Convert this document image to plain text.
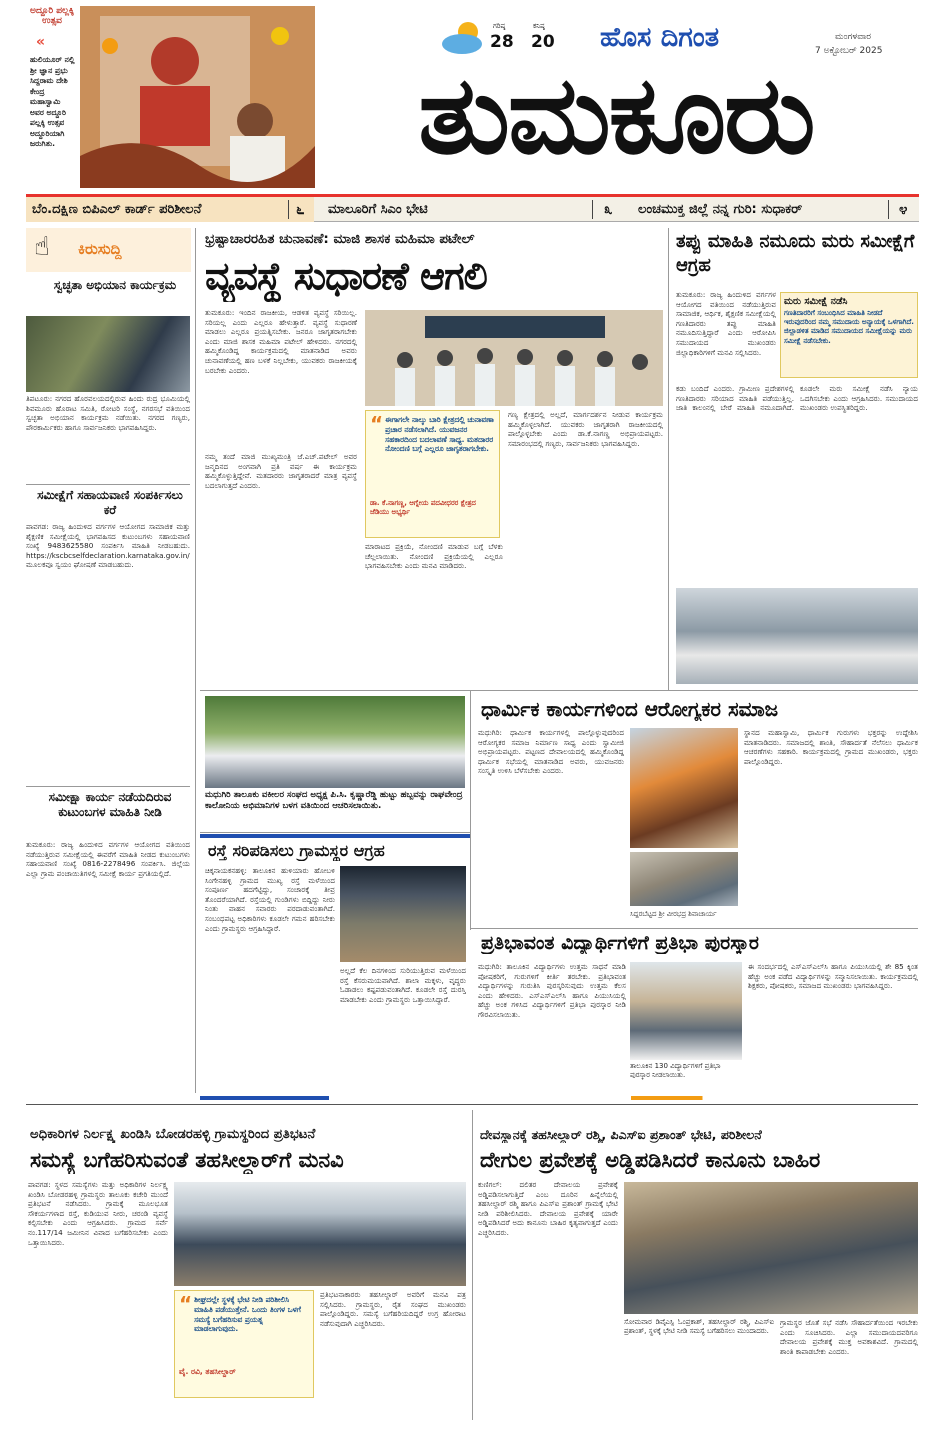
ಅದ್ದೂರಿ ಪಲ್ಲಕ್ಕಿ ಉತ್ಸವ
«
ಹುಲಿಯೂರ್ ನಲ್ಲಿ ಶ್ರೀ ಜ್ಞಾನ ಪ್ರಭು ಸಿದ್ದರಾಮ ದೇಶಿ ಕೇಂದ್ರ ಮಹಾಸ್ವಾಮಿ ಅವರ ಅದ್ದೂರಿ ಪಲ್ಲಕ್ಕಿ ಉತ್ಸವ ಅದ್ದೂರಿಯಾಗಿ ಜರುಗಿತು.
ಗರಿಷ್ಠ
28
ಕನಿಷ್ಠ
20 ಹೊಸ ದಿಗಂತ	ಮಂಗಳವಾರ
7 ಅಕ್ಟೋಬರ್ 2025
ತುಮಕೂರು
ಬೆಂ.ದಕ್ಷಿಣ ಬಿಪಿಎಲ್ ಕಾರ್ಡ್ ಪರಿಶೀಲನೆ	೬ ಮಾಲೂರಿಗೆ ಸಿಎಂ ಭೇಟಿ	೩ ಲಂಚಮುಕ್ತ ಜಿಲ್ಲೆ ನನ್ನ ಗುರಿ: ಸುಧಾಕರ್	೪
☝ ಕಿರುಸುದ್ದಿ
ಸ್ವಚ್ಛತಾ ಅಭಿಯಾನ ಕಾರ್ಯಕ್ರಮ
ತಿಪಟೂರು: ನಗರದ ಹೊರವಲಯದಲ್ಲಿರುವ ಹಿಂದು ರುದ್ರ ಭೂಮಿಯಲ್ಲಿ ಶಿವಮೂರು ಹೊರಾಟ ಸಮಿತಿ, ರೋಟರಿ ಸಂಸ್ಥೆ, ನಗರಸಭೆ ವತಿಯಿಂದ ಸ್ವಚ್ಛತಾ ಅಭಿಯಾನ ಕಾರ್ಯಕ್ರಮ ನಡೆಯಿತು. ನಗರದ ಗಣ್ಯರು, ಪೌರಕಾರ್ಮಿಕರು ಹಾಗೂ ಸಾರ್ವಜನಿಕರು ಭಾಗವಹಿಸಿದ್ದರು.
ಸಮೀಕ್ಷೆಗೆ ಸಹಾಯವಾಣಿ ಸಂಪರ್ಕಿಸಲು ಕರೆ
ಪಾವಗಡ: ರಾಜ್ಯ ಹಿಂದುಳಿದ ವರ್ಗಗಳ ಆಯೋಗದ ಸಾಮಾಜಿಕ ಮತ್ತು ಶೈಕ್ಷಣಿಕ ಸಮೀಕ್ಷೆಯಲ್ಲಿ ಭಾಗವಹಿಸದ ಕುಟುಂಬಗಳು ಸಹಾಯವಾಣಿ ಸಂಖ್ಯೆ 9483625580 ಸಂಪರ್ಕಿಸಿ ಮಾಹಿತಿ ನೀಡಬಹುದು. https://kscbcselfdeclaration.karnataka.gov.in/ ಮೂಲಕವೂ ಸ್ವಯಂ ಘೋಷಣೆ ಮಾಡಬಹುದು.
ಸಮೀಕ್ಷಾ ಕಾರ್ಯ ನಡೆಯದಿರುವ ಕುಟುಂಬಗಳ ಮಾಹಿತಿ ನೀಡಿ
ತುಮಕೂರು: ರಾಜ್ಯ ಹಿಂದುಳಿದ ವರ್ಗಗಳ ಆಯೋಗದ ವತಿಯಿಂದ ನಡೆಯುತ್ತಿರುವ ಸಮೀಕ್ಷೆಯಲ್ಲಿ ಈವರೆಗೆ ಮಾಹಿತಿ ನೀಡದ ಕುಟುಂಬಗಳು ಸಹಾಯವಾಣಿ ಸಂಖ್ಯೆ 0816-2278496 ಸಂಪರ್ಕಿಸಿ. ಜಿಲ್ಲೆಯ ಎಲ್ಲಾ ಗ್ರಾಮ ಪಂಚಾಯಿತಿಗಳಲ್ಲಿ ಸಮೀಕ್ಷೆ ಕಾರ್ಯ ಪ್ರಗತಿಯಲ್ಲಿದೆ.
ಭ್ರಷ್ಟಾಚಾರರಹಿತ ಚುನಾವಣೆ: ಮಾಜಿ ಶಾಸಕ ಮಹಿಮಾ ಪಟೇಲ್
ವ್ಯವಸ್ಥೆ ಸುಧಾರಣೆ ಆಗಲಿ
ತುಮಕೂರು: ಇಂದಿನ ರಾಜಕೀಯ, ಆಡಳಿತ ವ್ಯವಸ್ಥೆ ಸರಿಯಿಲ್ಲ. ಸರಿಯಲ್ಲ ಎಂದು ಎಲ್ಲರೂ ಹೇಳುತ್ತಾರೆ. ವ್ಯವಸ್ಥೆ ಸುಧಾರಣೆ ಮಾಡಲು ಎಲ್ಲರೂ ಪ್ರಯತ್ನಿಸಬೇಕು. ಜನರೂ ಜಾಗೃತರಾಗಬೇಕು ಎಂದು ಮಾಜಿ ಶಾಸಕ ಮಹಿಮಾ ಪಟೇಲ್ ಹೇಳಿದರು. ನಗರದಲ್ಲಿ ಹಮ್ಮಿಕೊಂಡಿದ್ದ ಕಾರ್ಯಕ್ರಮದಲ್ಲಿ ಮಾತನಾಡಿದ ಅವರು ಚುನಾವಣೆಯಲ್ಲಿ ಹಣ ಬಳಕೆ ನಿಲ್ಲಬೇಕು, ಯುವಕರು ರಾಜಕೀಯಕ್ಕೆ ಬರಬೇಕು ಎಂದರು.
“ ಈಗಾಗಲೇ ನಾಲ್ಕು ಬಾರಿ ಕ್ಷೇತ್ರದಲ್ಲಿ ಚುನಾವಣಾ ಪ್ರಚಾರ ನಡೆಸಲಾಗಿದೆ. ಯುವಜನರ ಸಹಕಾರದಿಂದ ಬದಲಾವಣೆ ಸಾಧ್ಯ. ಮತದಾರರ ನೋಂದಣಿ ಬಗ್ಗೆ ಎಲ್ಲರೂ ಜಾಗೃತರಾಗಬೇಕು.
ಡಾ. ಕೆ.ನಾಗಣ್ಣ, ಆಗ್ನೇಯ ಪದವೀಧರರ ಕ್ಷೇತ್ರದ ಜೆಡಿಯು ಅಭ್ಯರ್ಥಿ
ನಮ್ಮ ತಂದೆ ಮಾಜಿ ಮುಖ್ಯಮಂತ್ರಿ ಜೆ.ಎಚ್.ಪಟೇಲ್ ಅವರ ಜನ್ಮದಿನದ ಅಂಗವಾಗಿ ಪ್ರತಿ ವರ್ಷ ಈ ಕಾರ್ಯಕ್ರಮ ಹಮ್ಮಿಕೊಳ್ಳುತ್ತಿದ್ದೇವೆ. ಮತದಾರರು ಜಾಗೃತರಾದರೆ ಮಾತ್ರ ವ್ಯವಸ್ಥೆ ಬದಲಾಗುತ್ತದೆ ಎಂದರು.
ಗಣ್ಯ ಕ್ಷೇತ್ರದಲ್ಲಿ ಅಲ್ಲದೆ, ಮಾರ್ಗದರ್ಶನ ನೀಡುವ ಕಾರ್ಯಕ್ರಮ ಹಮ್ಮಿಕೊಳ್ಳಲಾಗಿದೆ. ಯುವಕರು ಜಾಗೃತರಾಗಿ ರಾಜಕೀಯದಲ್ಲಿ ಪಾಲ್ಗೊಳ್ಳಬೇಕು ಎಂದು ಡಾ.ಕೆ.ನಾಗಣ್ಣ ಅಭಿಪ್ರಾಯಪಟ್ಟರು. ಸಮಾರಂಭದಲ್ಲಿ ಗಣ್ಯರು, ಸಾರ್ವಜನಿಕರು ಭಾಗವಹಿಸಿದ್ದರು.
ಮಾರಾಟದ ಪ್ರಕ್ರಿಯೆ, ನೋಂದಣಿ ಮಾಡುವ ಬಗ್ಗೆ ಬೆಳಕು ಚೆಲ್ಲಲಾಯಿತು. ನೋಂದಣಿ ಪ್ರಕ್ರಿಯೆಯಲ್ಲಿ ಎಲ್ಲರೂ ಭಾಗವಹಿಸಬೇಕು ಎಂದು ಮನವಿ ಮಾಡಿದರು.
ತಪ್ಪು ಮಾಹಿತಿ ನಮೂದು ಮರು ಸಮೀಕ್ಷೆಗೆ ಆಗ್ರಹ
ತುಮಕೂರು: ರಾಜ್ಯ ಹಿಂದುಳಿದ ವರ್ಗಗಳ ಆಯೋಗದ ವತಿಯಿಂದ ನಡೆಯುತ್ತಿರುವ ಸಾಮಾಜಿಕ, ಆರ್ಥಿಕ, ಶೈಕ್ಷಣಿಕ ಸಮೀಕ್ಷೆಯಲ್ಲಿ ಗಣತಿದಾರರು ತಪ್ಪು ಮಾಹಿತಿ ನಮೂದಿಸುತ್ತಿದ್ದಾರೆ ಎಂದು ಆರೋಪಿಸಿ ಸಮುದಾಯದ ಮುಖಂಡರು ಜಿಲ್ಲಾಧಿಕಾರಿಗಳಿಗೆ ಮನವಿ ಸಲ್ಲಿಸಿದರು.
ಮರು ಸಮೀಕ್ಷೆ ನಡೆಸಿ
ಗಣತಿದಾರರಿಗೆ ಸಂಬಂಧಿಸಿದ ಮಾಹಿತಿ ನೀಡದೆ ಇರುವುದರಿಂದ ನಮ್ಮ ಸಮುದಾಯ ಅನ್ಯಾಯಕ್ಕೆ ಒಳಗಾಗಿದೆ. ಜಿಲ್ಲಾಡಳಿತ ಮಾಡಿದ ಸಮುದಾಯದ ಸಮೀಕ್ಷೆಯನ್ನು ಮರು ಸಮೀಕ್ಷೆ ನಡೆಸಬೇಕು.
ಕಡು ಬಂದಿದೆ ಎಂದರು. ಗ್ರಾಮೀಣ ಪ್ರದೇಶಗಳಲ್ಲಿ ಗಣತಿದಾರರು ಸರಿಯಾದ ಮಾಹಿತಿ ಪಡೆಯುತ್ತಿಲ್ಲ. ಜಾತಿ ಕಾಲಂನಲ್ಲಿ ಬೇರೆ ಮಾಹಿತಿ ನಮೂದಾಗಿದೆ. ಕೂಡಲೇ ಮರು ಸಮೀಕ್ಷೆ ನಡೆಸಿ ನ್ಯಾಯ ಒದಗಿಸಬೇಕು ಎಂದು ಆಗ್ರಹಿಸಿದರು. ಸಮುದಾಯದ ಮುಖಂಡರು ಉಪಸ್ಥಿತರಿದ್ದರು.
ಮಧುಗಿರಿ ತಾಲೂಕು ವಕೀಲರ ಸಂಘದ ಅಧ್ಯಕ್ಷ ಪಿ.ಸಿ. ಕೃಷ್ಣಾರೆಡ್ಡಿ ಹುಟ್ಟು ಹಬ್ಬವನ್ನು ರಾಘವೇಂದ್ರ ಕಾಲೋನಿಯ ಅಭಿಮಾನಿಗಳ ಬಳಗ ವತಿಯಿಂದ ಆಚರಿಸಲಾಯಿತು.
ರಸ್ತೆ ಸರಿಪಡಿಸಲು ಗ್ರಾಮಸ್ಥರ ಆಗ್ರಹ
ಚಿಕ್ಕನಾಯಕನಹಳ್ಳಿ: ತಾಲೂಕಿನ ಹುಳಿಯಾರು ಹೋಬಳಿ ಸಿಂಗೇನಹಳ್ಳಿ ಗ್ರಾಮದ ಮುಖ್ಯ ರಸ್ತೆ ಮಳೆಯಿಂದ ಸಂಪೂರ್ಣ ಹದಗೆಟ್ಟಿದ್ದು, ಸಂಚಾರಕ್ಕೆ ತೀವ್ರ ತೊಂದರೆಯಾಗಿದೆ. ರಸ್ತೆಯಲ್ಲಿ ಗುಂಡಿಗಳು ಬಿದ್ದಿದ್ದು ನೀರು ನಿಂತು ವಾಹನ ಸವಾರರು ಪರದಾಡುವಂತಾಗಿದೆ. ಸಂಬಂಧಪಟ್ಟ ಅಧಿಕಾರಿಗಳು ಕೂಡಲೇ ಗಮನ ಹರಿಸಬೇಕು ಎಂದು ಗ್ರಾಮಸ್ಥರು ಆಗ್ರಹಿಸಿದ್ದಾರೆ.
ಅಲ್ಲದೆ ಕೆಲ ದಿನಗಳಿಂದ ಸುರಿಯುತ್ತಿರುವ ಮಳೆಯಿಂದ ರಸ್ತೆ ಕೆಸರುಮಯವಾಗಿದೆ. ಶಾಲಾ ಮಕ್ಕಳು, ವೃದ್ಧರು ಓಡಾಡಲು ಕಷ್ಟಪಡುವಂತಾಗಿದೆ. ಕೂಡಲೇ ರಸ್ತೆ ದುರಸ್ತಿ ಮಾಡಬೇಕು ಎಂದು ಗ್ರಾಮಸ್ಥರು ಒತ್ತಾಯಿಸಿದ್ದಾರೆ.
ಧಾರ್ಮಿಕ ಕಾರ್ಯಗಳಿಂದ ಆರೋಗ್ಯಕರ ಸಮಾಜ
ಮಧುಗಿರಿ: ಧಾರ್ಮಿಕ ಕಾರ್ಯಗಳಲ್ಲಿ ಪಾಲ್ಗೊಳ್ಳುವುದರಿಂದ ಆರೋಗ್ಯಕರ ಸಮಾಜ ನಿರ್ಮಾಣ ಸಾಧ್ಯ ಎಂದು ಸ್ವಾಮೀಜಿ ಅಭಿಪ್ರಾಯಪಟ್ಟರು. ಪಟ್ಟಣದ ದೇವಾಲಯದಲ್ಲಿ ಹಮ್ಮಿಕೊಂಡಿದ್ದ ಧಾರ್ಮಿಕ ಸಭೆಯಲ್ಲಿ ಮಾತನಾಡಿದ ಅವರು, ಯುವಜನರು ಸಂಸ್ಕೃತಿ ಉಳಿಸಿ ಬೆಳೆಸಬೇಕು ಎಂದರು.
ಸಿದ್ದರಬೆಟ್ಟದ ಶ್ರೀ ವೀರಭದ್ರ ಶಿವಾಚಾರ್ಯ
ಸ್ಥಾನದ ಮಹಾಸ್ವಾಮಿ, ಧಾರ್ಮಿಕ ಗುರುಗಳು ಭಕ್ತರನ್ನು ಉದ್ದೇಶಿಸಿ ಮಾತನಾಡಿದರು. ಸಮಾಜದಲ್ಲಿ ಶಾಂತಿ, ಸೌಹಾರ್ದತೆ ನೆಲೆಸಲು ಧಾರ್ಮಿಕ ಆಚರಣೆಗಳು ಸಹಕಾರಿ. ಕಾರ್ಯಕ್ರಮದಲ್ಲಿ ಗ್ರಾಮದ ಮುಖಂಡರು, ಭಕ್ತರು ಪಾಲ್ಗೊಂಡಿದ್ದರು.
ಪ್ರತಿಭಾವಂತ ವಿದ್ಯಾರ್ಥಿಗಳಿಗೆ ಪ್ರತಿಭಾ ಪುರಸ್ಕಾರ
ಮಧುಗಿರಿ: ತಾಲೂಕಿನ ವಿದ್ಯಾರ್ಥಿಗಳು ಉತ್ತಮ ಸಾಧನೆ ಮಾಡಿ ಪೋಷಕರಿಗೆ, ಗುರುಗಳಿಗೆ ಕೀರ್ತಿ ತರಬೇಕು. ಪ್ರತಿಭಾವಂತ ವಿದ್ಯಾರ್ಥಿಗಳನ್ನು ಗುರುತಿಸಿ ಪುರಸ್ಕರಿಸುವುದು ಉತ್ತಮ ಕೆಲಸ ಎಂದು ಹೇಳಿದರು. ಎಸ್ಎಸ್ಎಲ್‌ಸಿ ಹಾಗೂ ಪಿಯುಸಿಯಲ್ಲಿ ಹೆಚ್ಚು ಅಂಕ ಗಳಿಸಿದ ವಿದ್ಯಾರ್ಥಿಗಳಿಗೆ ಪ್ರತಿಭಾ ಪುರಸ್ಕಾರ ನೀಡಿ ಗೌರವಿಸಲಾಯಿತು.
ತಾಲೂಕಿನ 130 ವಿದ್ಯಾರ್ಥಿಗಳಿಗೆ ಪ್ರತಿಭಾ ಪುರಸ್ಕಾರ ನೀಡಲಾಯಿತು.
ಈ ಸಂದರ್ಭದಲ್ಲಿ ಎಸ್ಎಸ್ಎಲ್‌ಸಿ ಹಾಗೂ ಪಿಯುಸಿಯಲ್ಲಿ ಶೇ 85 ಕ್ಕಿಂತ ಹೆಚ್ಚು ಅಂಕ ಪಡೆದ ವಿದ್ಯಾರ್ಥಿಗಳನ್ನು ಸನ್ಮಾನಿಸಲಾಯಿತು. ಕಾರ್ಯಕ್ರಮದಲ್ಲಿ ಶಿಕ್ಷಕರು, ಪೋಷಕರು, ಸಮಾಜದ ಮುಖಂಡರು ಭಾಗವಹಿಸಿದ್ದರು.
ಅಧಿಕಾರಿಗಳ ನಿರ್ಲಕ್ಷ್ಯ ಖಂಡಿಸಿ ಬೋಡರಹಳ್ಳಿ ಗ್ರಾಮಸ್ಥರಿಂದ ಪ್ರತಿಭಟನೆ
ಸಮಸ್ಯೆ ಬಗೆಹರಿಸುವಂತೆ ತಹಸೀಲ್ದಾರ್‌ಗೆ ಮನವಿ
ಪಾವಗಡ: ಸ್ಥಳದ ಸಮಸ್ಯೆಗಳು ಮತ್ತು ಅಧಿಕಾರಿಗಳ ನಿರ್ಲಕ್ಷ್ಯ ಖಂಡಿಸಿ ಬೋಡರಹಳ್ಳಿ ಗ್ರಾಮಸ್ಥರು ತಾಲೂಕು ಕಚೇರಿ ಮುಂದೆ ಪ್ರತಿಭಟನೆ ನಡೆಸಿದರು. ಗ್ರಾಮಕ್ಕೆ ಮೂಲಭೂತ ಸೌಕರ್ಯಗಳಾದ ರಸ್ತೆ, ಕುಡಿಯುವ ನೀರು, ಚರಂಡಿ ವ್ಯವಸ್ಥೆ ಕಲ್ಪಿಸಬೇಕು ಎಂದು ಆಗ್ರಹಿಸಿದರು. ಗ್ರಾಮದ ಸರ್ವೆ ನಂ.117/14 ಜಮೀನಿನ ವಿವಾದ ಬಗೆಹರಿಸಬೇಕು ಎಂದು ಒತ್ತಾಯಿಸಿದರು.
“ ಶೀಘ್ರದಲ್ಲೇ ಸ್ಥಳಕ್ಕೆ ಭೇಟಿ ನೀಡಿ ಪರಿಶೀಲಿಸಿ ಮಾಹಿತಿ ಪಡೆಯುತ್ತೇನೆ. ಒಂದು ತಿಂಗಳ ಒಳಗೆ ಸಮಸ್ಯೆ ಬಗೆಹರಿಸುವ ಪ್ರಯತ್ನ ಮಾಡಲಾಗುವುದು.
ವೈ. ರವಿ, ತಹಸೀಲ್ದಾರ್
ಪ್ರತಿಭಟನಾಕಾರರು ತಹಸೀಲ್ದಾರ್ ಅವರಿಗೆ ಮನವಿ ಪತ್ರ ಸಲ್ಲಿಸಿದರು. ಗ್ರಾಮಸ್ಥರು, ರೈತ ಸಂಘದ ಮುಖಂಡರು ಪಾಲ್ಗೊಂಡಿದ್ದರು. ಸಮಸ್ಯೆ ಬಗೆಹರಿಯದಿದ್ದರೆ ಉಗ್ರ ಹೋರಾಟ ನಡೆಸುವುದಾಗಿ ಎಚ್ಚರಿಸಿದರು.
ದೇವಸ್ಥಾನಕ್ಕೆ ತಹಸೀಲ್ದಾರ್ ರಶ್ಮಿ, ಪಿಎಸ್ಐ ಪ್ರಶಾಂತ್ ಭೇಟಿ, ಪರಿಶೀಲನೆ
ದೇಗುಲ ಪ್ರವೇಶಕ್ಕೆ ಅಡ್ಡಿಪಡಿಸಿದರೆ ಕಾನೂನು ಬಾಹಿರ
ಕುಣಿಗಲ್: ದಲಿತರ ದೇವಾಲಯ ಪ್ರವೇಶಕ್ಕೆ ಅಡ್ಡಿಪಡಿಸಲಾಗುತ್ತಿದೆ ಎಂಬ ದೂರಿನ ಹಿನ್ನೆಲೆಯಲ್ಲಿ ತಹಸೀಲ್ದಾರ್ ರಶ್ಮಿ ಹಾಗೂ ಪಿಎಸ್ಐ ಪ್ರಶಾಂತ್ ಗ್ರಾಮಕ್ಕೆ ಭೇಟಿ ನೀಡಿ ಪರಿಶೀಲಿಸಿದರು. ದೇವಾಲಯ ಪ್ರವೇಶಕ್ಕೆ ಯಾರೇ ಅಡ್ಡಿಪಡಿಸಿದರೆ ಅದು ಕಾನೂನು ಬಾಹಿರ ಕೃತ್ಯವಾಗುತ್ತದೆ ಎಂದು ಎಚ್ಚರಿಸಿದರು.
ಸೋಮವಾರ ಡಿವೈಎಸ್ಪಿ ಓಂಪ್ರಕಾಶ್, ತಹಸೀಲ್ದಾರ್ ರಶ್ಮಿ, ಪಿಎಸ್ಐ ಪ್ರಶಾಂತ್, ಸ್ಥಳಕ್ಕೆ ಭೇಟಿ ನೀಡಿ ಸಮಸ್ಯೆ ಬಗೆಹರಿಸಲು ಮುಂದಾದರು.
ಗ್ರಾಮಸ್ಥರ ಜೊತೆ ಸಭೆ ನಡೆಸಿ ಸೌಹಾರ್ದತೆಯಿಂದ ಇರಬೇಕು ಎಂದು ಸೂಚಿಸಿದರು. ಎಲ್ಲಾ ಸಮುದಾಯದವರಿಗೂ ದೇವಾಲಯ ಪ್ರವೇಶಕ್ಕೆ ಮುಕ್ತ ಅವಕಾಶವಿದೆ. ಗ್ರಾಮದಲ್ಲಿ ಶಾಂತಿ ಕಾಪಾಡಬೇಕು ಎಂದರು.
